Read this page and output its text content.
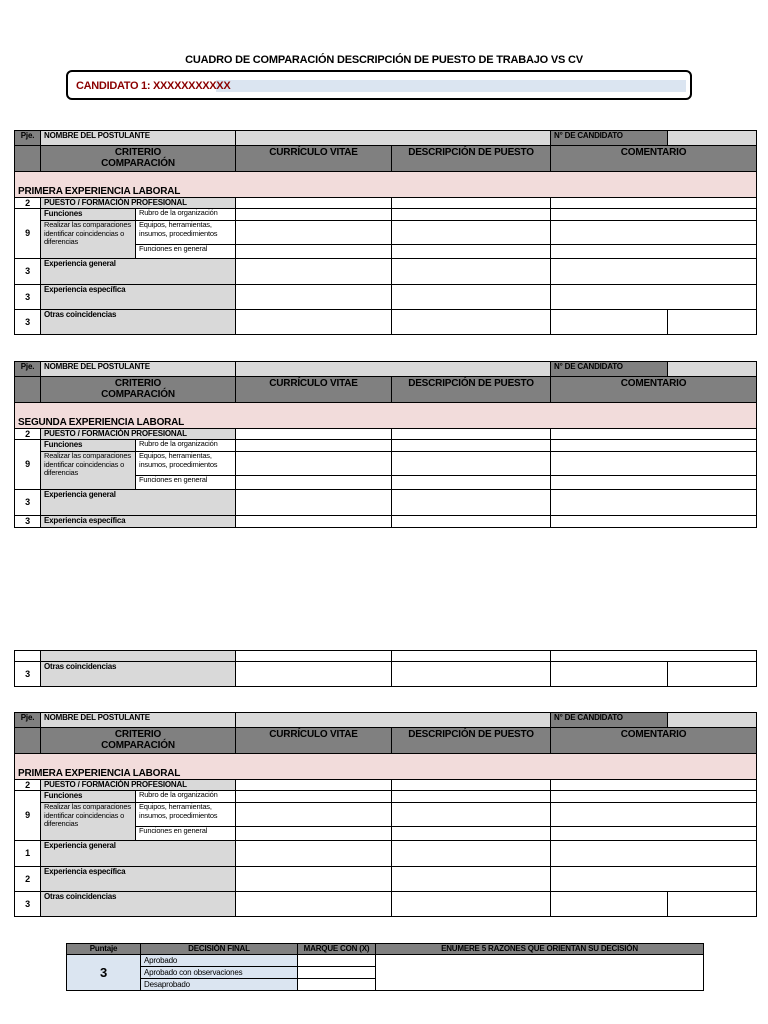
CUADRO DE COMPARACIÓN DESCRIPCIÓN DE PUESTO DE TRABAJO VS CV
CANDIDATO 1: XXXXXXXXXXX
Pje.	NOMBRE DEL POSTULANTE				N° DE CANDIDATO	
	CRITERIO
COMPARACIÓN		CURRÍCULO VITAE	DESCRIPCIÓN DE PUESTO	COMENTARIO	
PRIMERA EXPERIENCIA LABORAL						
2	PUESTO / FORMACIÓN PROFESIONAL					
9	Funciones	Rubro de la organización				
	Realizar las comparaciones identificar coincidencias o diferencias	Equipos, herramientas, insumos, procedimientos				
		Funciones en general				
3	Experiencia general					
3	Experiencia específica					
3	Otras coincidencias					
Pje.	NOMBRE DEL POSTULANTE				N° DE CANDIDATO	
	CRITERIO
COMPARACIÓN		CURRÍCULO VITAE	DESCRIPCIÓN DE PUESTO	COMENTARIO	
SEGUNDA EXPERIENCIA LABORAL						
2	PUESTO / FORMACIÓN PROFESIONAL					
9	Funciones	Rubro de la organización				
	Realizar las comparaciones identificar coincidencias o diferencias	Equipos, herramientas, insumos, procedimientos				
		Funciones en general				
3	Experiencia general					
3	Experiencia específica					

3	Otras coincidencias				
Pje.	NOMBRE DEL POSTULANTE				N° DE CANDIDATO	
	CRITERIO
COMPARACIÓN		CURRÍCULO VITAE	DESCRIPCIÓN DE PUESTO	COMENTARIO	
PRIMERA EXPERIENCIA LABORAL						
2	PUESTO / FORMACIÓN PROFESIONAL					
9	Funciones	Rubro de la organización				
	Realizar las comparaciones identificar coincidencias o diferencias	Equipos, herramientas, insumos, procedimientos				
		Funciones en general				
1	Experiencia general					
2	Experiencia específica					
3	Otras coincidencias					
Puntaje	DECISIÓN FINAL	MARQUE CON (X)	ENUMERE 5 RAZONES QUE ORIENTAN SU DECISIÓN
3	Aprobado		
	Aprobado con observaciones		
	Desaprobado		
